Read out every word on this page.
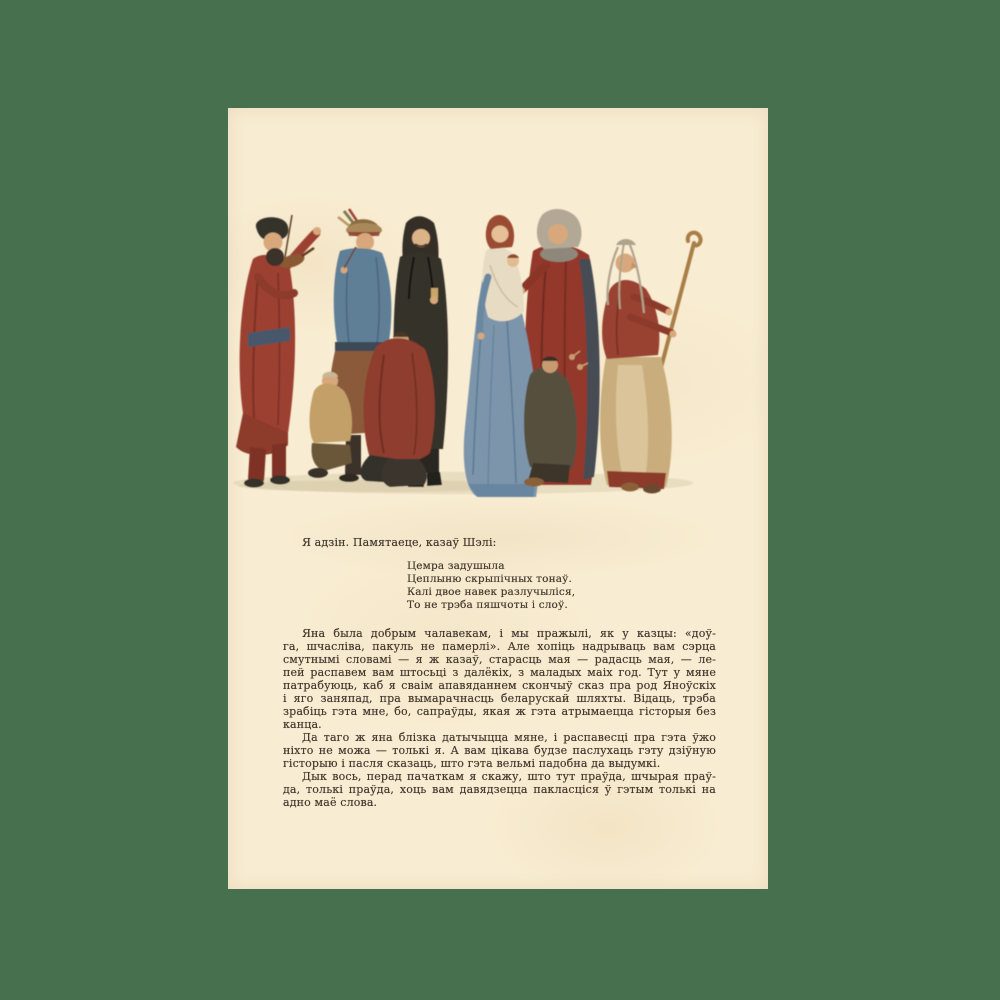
Я адзін. Памятаеце, казаў Шэлі:
Цемра задушыла
Цеплыню скрыпічных тонаў.
Калі двое навек разлучыліся,
То не трэба пяшчоты і слоў.
Яна была добрым чалавекам, і мы пражылі, як у казцы: «доў-
га, шчасліва, пакуль не памерлі». Але хопіць надрываць вам сэрца
смутнымі словамі — я ж казаў, старасць мая — радасць мая, — ле-
пей распавем вам штосьці з далёкіх, з маладых маіх год. Тут у мяне
патрабуюць, каб я сваім апавяданнем скончыў сказ пра род Яноўскіх
і яго заняпад, пра вымарачнасць беларускай шляхты. Відаць, трэба
зрабіць гэта мне, бо, сапраўды, якая ж гэта атрымаецца гісторыя без
канца.
Да таго ж яна блізка датычыцца мяне, і распавесці пра гэта ўжо
ніхто не можа — толькі я. А вам цікава будзе паслухаць гэту дзіўную
гісторыю і пасля сказаць, што гэта вельмі падобна да выдумкі.
Дык вось, перад пачаткам я скажу, што тут праўда, шчырая праў-
да, толькі праўда, хоць вам давядзецца пакласціся ў гэтым толькі на
адно маё слова.
